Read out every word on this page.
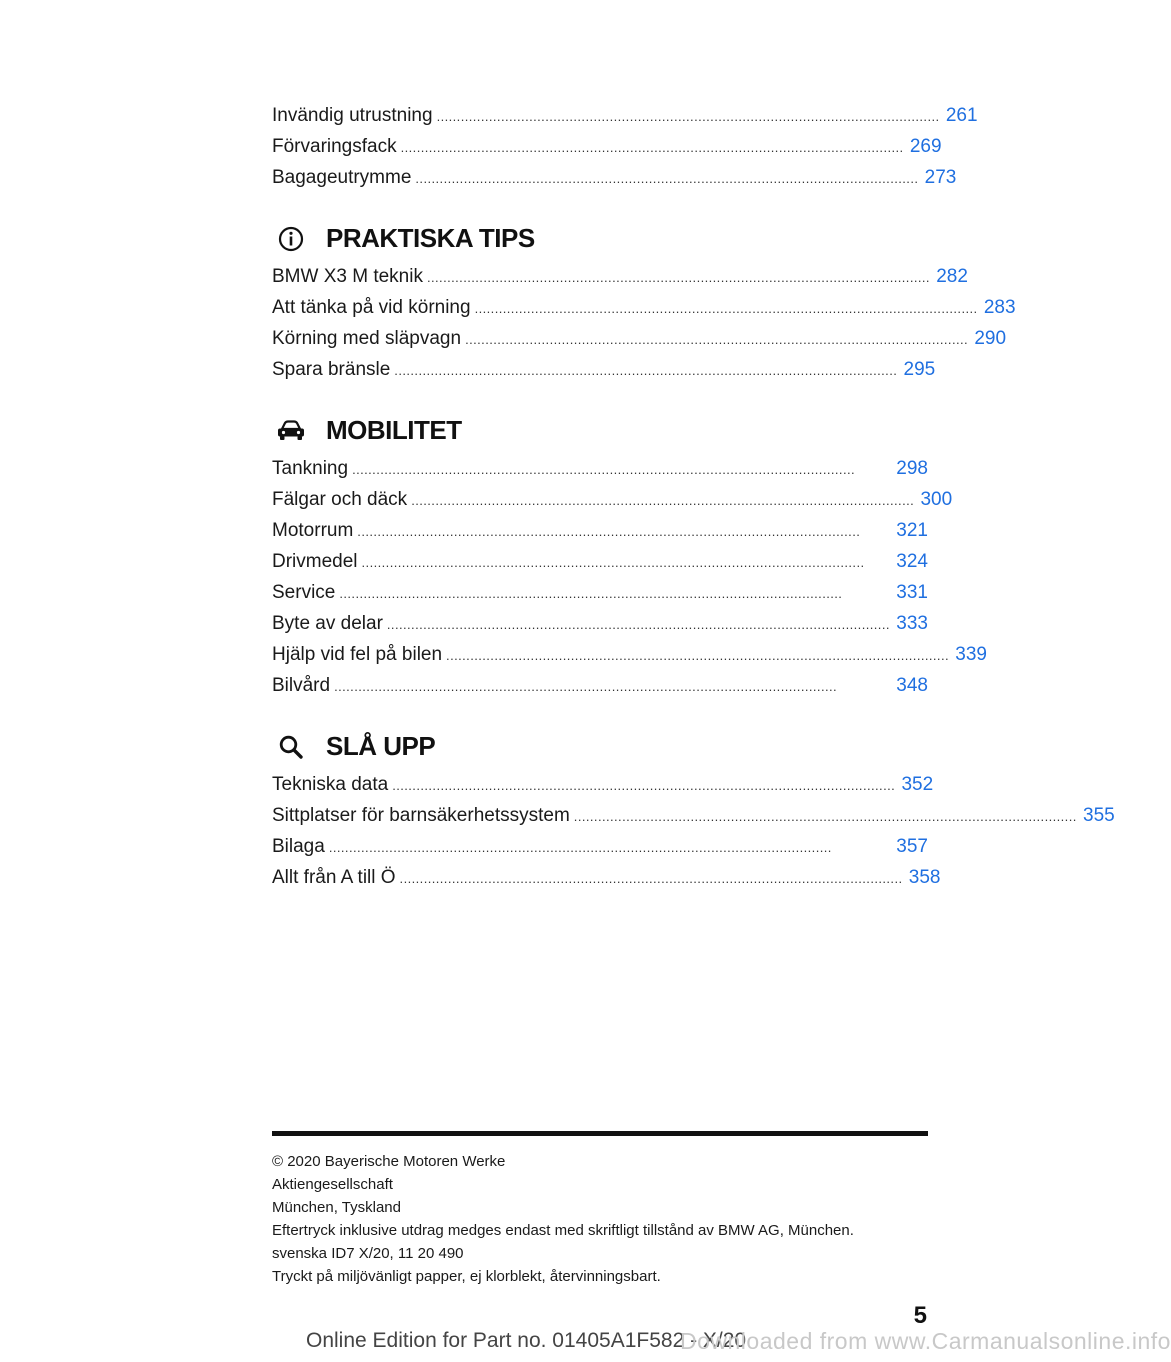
Invändig utrustning . . .	261
Förvaringsfack . . .	269
Bagageutrymme . . .	273
PRAKTISKA TIPS
BMW X3 M teknik . . .	282
Att tänka på vid körning . . .	283
Körning med släpvagn . . .	290
Spara bränsle . . .	295
MOBILITET
Tankning . . .	298
Fälgar och däck . . .	300
Motorrum . . .	321
Drivmedel . . .	324
Service . . .	331
Byte av delar . . .	333
Hjälp vid fel på bilen . . .	339
Bilvård . . .	348
SLÅ UPP
Tekniska data . . .	352
Sittplatser för barnsäkerhetssystem . . .	355
Bilaga . . .	357
Allt från A till Ö . . .	358
© 2020 Bayerische Motoren Werke
Aktiengesellschaft
München, Tyskland
Eftertryck inklusive utdrag medges endast med skriftligt tillstånd av BMW AG, München.
svenska ID7 X/20, 11 20 490
Tryckt på miljövänligt papper, ej klorblekt, återvinningsbart.
5
Online Edition for Part no. 01405A1F582 - X/20
Downloaded from www.Carmanualsonline.info
